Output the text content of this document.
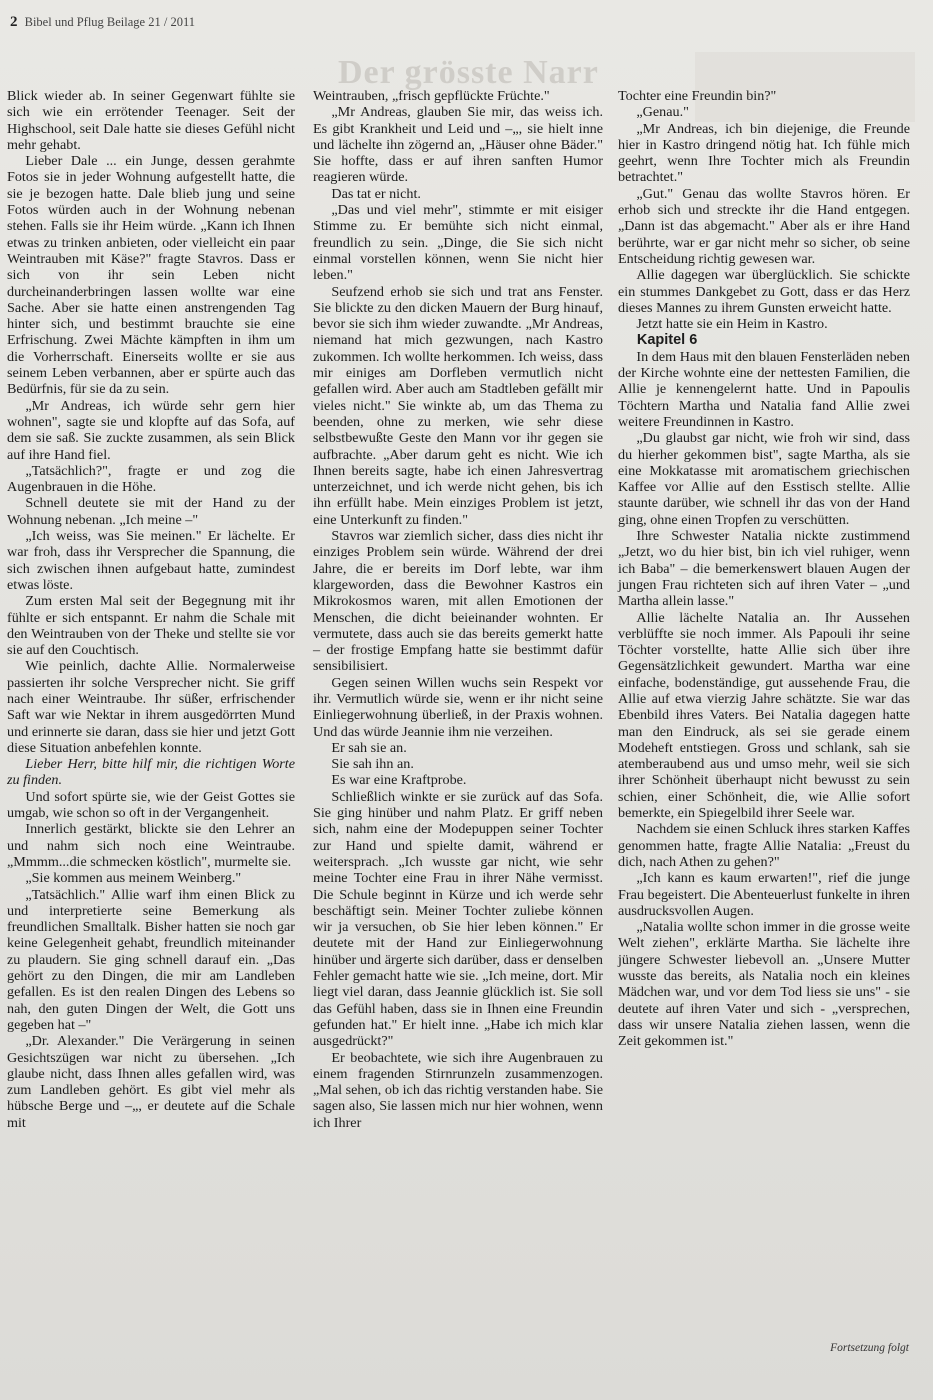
2 Bibel und Pflug Beilage 21 / 2011
Der grösste Narr

Blick wieder ab. In seiner Gegenwart fühlte sie sich wie ein errötender Teenager. Seit der Highschool, seit Dale hatte sie dieses Gefühl nicht mehr gehabt.

Lieber Dale ... ein Junge, dessen gerahmte Fotos sie in jeder Wohnung aufgestellt hatte, die sie je bezogen hatte. Dale blieb jung und seine Fotos würden auch in der Wohnung nebenan stehen. Falls sie ihr Heim würde. „Kann ich Ihnen etwas zu trinken anbieten, oder vielleicht ein paar Weintrauben mit Käse?" fragte Stavros. Dass er sich von ihr sein Leben nicht durcheinanderbringen lassen wollte war eine Sache. Aber sie hatte einen anstrengenden Tag hinter sich, und bestimmt brauchte sie eine Erfrischung. Zwei Mächte kämpften in ihm um die Vorherrschaft. Einerseits wollte er sie aus seinem Leben verbannen, aber er spürte auch das Bedürfnis, für sie da zu sein.

„Mr Andreas, ich würde sehr gern hier wohnen", sagte sie und klopfte auf das Sofa, auf dem sie saß. Sie zuckte zusammen, als sein Blick auf ihre Hand fiel.

„Tatsächlich?", fragte er und zog die Augenbrauen in die Höhe.

Schnell deutete sie mit der Hand zu der Wohnung nebenan. „Ich meine –"

„Ich weiss, was Sie meinen." Er lächelte. Er war froh, dass ihr Versprecher die Spannung, die sich zwischen ihnen aufgebaut hatte, zumindest etwas löste.

Zum ersten Mal seit der Begegnung mit ihr fühlte er sich entspannt. Er nahm die Schale mit den Weintrauben von der Theke und stellte sie vor sie auf den Couchtisch.

Wie peinlich, dachte Allie. Normalerweise passierten ihr solche Versprecher nicht. Sie griff nach einer Weintraube. Ihr süßer, erfrischender Saft war wie Nektar in ihrem ausgedörrten Mund und erinnerte sie daran, dass sie hier und jetzt Gott diese Situation anbefehlen konnte.

Lieber Herr, bitte hilf mir, die richtigen Worte zu finden.

Und sofort spürte sie, wie der Geist Gottes sie umgab, wie schon so oft in der Vergangenheit.

Innerlich gestärkt, blickte sie den Lehrer an und nahm sich noch eine Weintraube. „Mmmm...die schmecken köstlich", murmelte sie.

„Sie kommen aus meinem Weinberg."

„Tatsächlich." Allie warf ihm einen Blick zu und interpretierte seine Bemerkung als freundlichen Smalltalk. Bisher hatten sie noch gar keine Gelegenheit gehabt, freundlich miteinander zu plaudern. Sie ging schnell darauf ein. „Das gehört zu den Dingen, die mir am Landleben gefallen. Es ist den realen Dingen des Lebens so nah, den guten Dingen der Welt, die Gott uns gegeben hat –"

„Dr. Alexander." Die Verärgerung in seinen Gesichtszügen war nicht zu übersehen. „Ich glaube nicht, dass Ihnen alles gefallen wird, was zum Landleben gehört. Es gibt viel mehr als hübsche Berge und –„, er deutete auf die Schale mit

Weintrauben, „frisch gepflückte Früchte."

„Mr Andreas, glauben Sie mir, das weiss ich. Es gibt Krankheit und Leid und –„, sie hielt inne und lächelte ihn zögernd an, „Häuser ohne Bäder." Sie hoffte, dass er auf ihren sanften Humor reagieren würde.

Das tat er nicht.

„Das und viel mehr", stimmte er mit eisiger Stimme zu. Er bemühte sich nicht einmal, freundlich zu sein. „Dinge, die Sie sich nicht einmal vorstellen können, wenn Sie nicht hier leben."

Seufzend erhob sie sich und trat ans Fenster. Sie blickte zu den dicken Mauern der Burg hinauf, bevor sie sich ihm wieder zuwandte. „Mr Andreas, niemand hat mich gezwungen, nach Kastro zukommen. Ich wollte herkommen. Ich weiss, dass mir einiges am Dorfleben vermutlich nicht gefallen wird. Aber auch am Stadtleben gefällt mir vieles nicht." Sie winkte ab, um das Thema zu beenden, ohne zu merken, wie sehr diese selbstbewußte Geste den Mann vor ihr gegen sie aufbrachte. „Aber darum geht es nicht. Wie ich Ihnen bereits sagte, habe ich einen Jahresvertrag unterzeichnet, und ich werde nicht gehen, bis ich ihn erfüllt habe. Mein einziges Problem ist jetzt, eine Unterkunft zu finden."

Stavros war ziemlich sicher, dass dies nicht ihr einziges Problem sein würde. Während der drei Jahre, die er bereits im Dorf lebte, war ihm klargeworden, dass die Bewohner Kastros ein Mikrokosmos waren, mit allen Emotionen der Menschen, die dicht beieinander wohnten. Er vermutete, dass auch sie das bereits gemerkt hatte – der frostige Empfang hatte sie bestimmt dafür sensibilisiert.

Gegen seinen Willen wuchs sein Respekt vor ihr. Vermutlich würde sie, wenn er ihr nicht seine Einliegerwohnung überließ, in der Praxis wohnen. Und das würde Jeannie ihm nie verzeihen.

Er sah sie an.

Sie sah ihn an.

Es war eine Kraftprobe.

Schließlich winkte er sie zurück auf das Sofa. Sie ging hinüber und nahm Platz. Er griff neben sich, nahm eine der Modepuppen seiner Tochter zur Hand und spielte damit, während er weitersprach. „Ich wusste gar nicht, wie sehr meine Tochter eine Frau in ihrer Nähe vermisst. Die Schule beginnt in Kürze und ich werde sehr beschäftigt sein. Meiner Tochter zuliebe können wir ja versuchen, ob Sie hier leben können." Er deutete mit der Hand zur Einliegerwohnung hinüber und ärgerte sich darüber, dass er denselben Fehler gemacht hatte wie sie. „Ich meine, dort. Mir liegt viel daran, dass Jeannie glücklich ist. Sie soll das Gefühl haben, dass sie in Ihnen eine Freundin gefunden hat." Er hielt inne. „Habe ich mich klar ausgedrückt?"

Er beobachtete, wie sich ihre Augenbrauen zu einem fragenden Stirnrunzeln zusammenzogen. „Mal sehen, ob ich das richtig verstanden habe. Sie sagen also, Sie lassen mich nur hier wohnen, wenn ich Ihrer

Tochter eine Freundin bin?"

„Genau."

„Mr Andreas, ich bin diejenige, die Freunde hier in Kastro dringend nötig hat. Ich fühle mich geehrt, wenn Ihre Tochter mich als Freundin betrachtet."

„Gut." Genau das wollte Stavros hören. Er erhob sich und streckte ihr die Hand entgegen. „Dann ist das abgemacht." Aber als er ihre Hand berührte, war er gar nicht mehr so sicher, ob seine Entscheidung richtig gewesen war.

Allie dagegen war überglücklich. Sie schickte ein stummes Dankgebet zu Gott, dass er das Herz dieses Mannes zu ihrem Gunsten erweicht hatte.

Jetzt hatte sie ein Heim in Kastro.

Kapitel 6

In dem Haus mit den blauen Fensterläden neben der Kirche wohnte eine der nettesten Familien, die Allie je kennengelernt hatte. Und in Papoulis Töchtern Martha und Natalia fand Allie zwei weitere Freundinnen in Kastro.

„Du glaubst gar nicht, wie froh wir sind, dass du hierher gekommen bist", sagte Martha, als sie eine Mokkatasse mit aromatischem griechischen Kaffee vor Allie auf den Esstisch stellte. Allie staunte darüber, wie schnell ihr das von der Hand ging, ohne einen Tropfen zu verschütten.

Ihre Schwester Natalia nickte zustimmend „Jetzt, wo du hier bist, bin ich viel ruhiger, wenn ich Baba" – die bemerkenswert blauen Augen der jungen Frau richteten sich auf ihren Vater – „und Martha allein lasse."

Allie lächelte Natalia an. Ihr Aussehen verblüffte sie noch immer. Als Papouli ihr seine Töchter vorstellte, hatte Allie sich über ihre Gegensätzlichkeit gewundert. Martha war eine einfache, bodenständige, gut aussehende Frau, die Allie auf etwa vierzig Jahre schätzte. Sie war das Ebenbild ihres Vaters. Bei Natalia dagegen hatte man den Eindruck, als sei sie gerade einem Modeheft entstiegen. Gross und schlank, sah sie atemberaubend aus und umso mehr, weil sie sich ihrer Schönheit überhaupt nicht bewusst zu sein schien, einer Schönheit, die, wie Allie sofort bemerkte, ein Spiegelbild ihrer Seele war.

Nachdem sie einen Schluck ihres starken Kaffes genommen hatte, fragte Allie Natalia: „Freust du dich, nach Athen zu gehen?"

„Ich kann es kaum erwarten!", rief die junge Frau begeistert. Die Abenteuerlust funkelte in ihren ausdrucksvollen Augen.

„Natalia wollte schon immer in die grosse weite Welt ziehen", erklärte Martha. Sie lächelte ihre jüngere Schwester liebevoll an. „Unsere Mutter wusste das bereits, als Natalia noch ein kleines Mädchen war, und vor dem Tod liess sie uns" - sie deutete auf ihren Vater und sich - „versprechen, dass wir unsere Natalia ziehen lassen, wenn die Zeit gekommen ist."

Fortsetzung folgt
